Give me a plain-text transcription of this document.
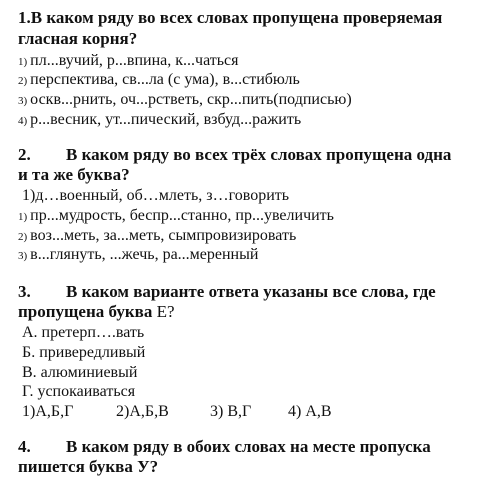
1.В каком ряду во всех словах пропущена проверяемая
гласная корня?
1) пл...вучий, р...впина, к...чаться
2) перспектива, св...ла (с ума), в...стибюль
3) оскв...рнить, оч...рстветь, скр...пить(подписью)
4) р...весник, ут...пический, взбуд...ражить
2. В каком ряду во всех трёх словах пропущена одна
и та же буква?
1)д…военный, об…млеть, з…говорить
1) пр...мудрость, беспр...станно, пр...увеличить
2) воз...меть, за...меть, сымпровизировать
3) в...глянуть, ...жечь, ра...меренный
3. В каком варианте ответа указаны все слова, где
пропущена буква Е?
А. претерп….вать
Б. привередливый
В. алюминиевый
Г. успокаиваться
1)А,Б,Г	2)А,Б,В	3) В,Г 4) А,В
4. В каком ряду в обоих словах на месте пропуска
пишется буква У?
